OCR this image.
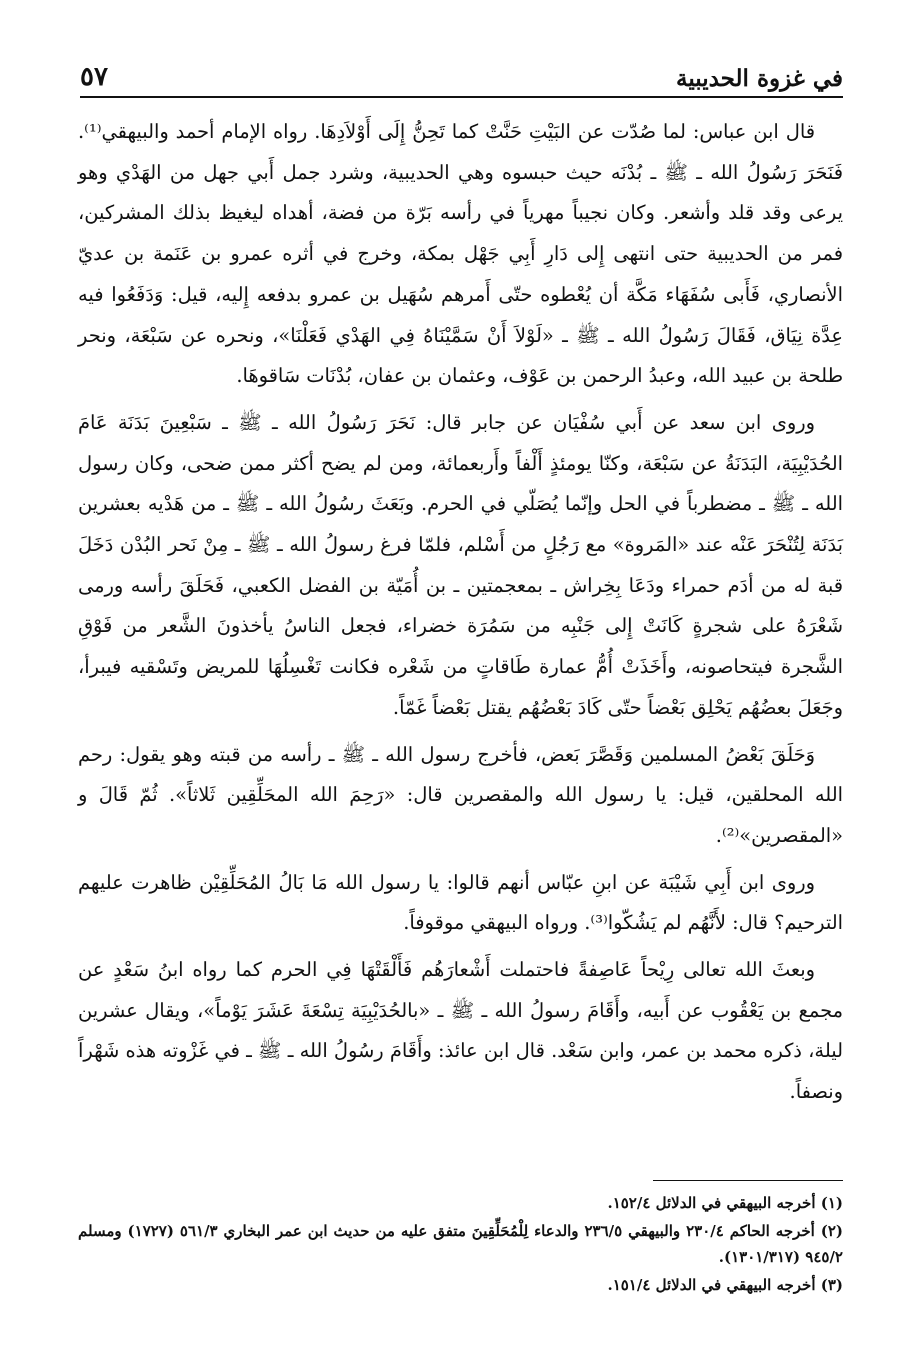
في غزوة الحديبية
٥٧

قال ابن عباس: لما صُدّت عن البَيْتِ حَنَّتْ كما تَحِنُّ إِلَى أَوْلاَدِهَا. رواه الإمام أحمد والبيهقي⁽¹⁾. فَنَحَرَ رَسُولُ الله ـ ﷺ ـ بُدْنَه حيث حبسوه وهي الحديبية، وشرد جمل أَبي جهل من الهَدْي وهو يرعى وقد قلد وأشعر. وكان نجيباً مهرياً في رأسه بَرّة من فضة، أهداه ليغيظ بذلك المشركين، فمر من الحديبية حتى انتهى إِلى دَارِ أَبِي جَهْل بمكة، وخرج في أثره عمرو بن عَنَمة بن عديّ الأنصاري، فَأَبى سُفَهَاء مَكَّة أن يُعْطوه حتّى أَمرهم سُهَيل بن عمرو بدفعه إِليه، قيل: وَدَفَعُوا فيه عِدَّة نِيَاق، فَقَالَ رَسُولُ الله ـ ﷺ ـ «لَوْلاَ أَنْ سَمَّيْنَاهُ فِي الهَدْي فَعَلْنَا»، ونحره عن سَبْعَة، ونحر طلحة بن عبيد الله، وعبدُ الرحمن بن عَوْف، وعثمان بن عفان، بُدْنَات سَاقوهَا.

وروى ابن سعد عن أَبي سُفْيَان عن جابر قال: نَحَرَ رَسُولُ الله ـ ﷺ ـ سَبْعِينَ بَدَنَة عَامَ الحُدَيْبِيَة، البَدَنَةُ عن سَبْعَة، وكنّا يومئذٍ أَلْفاً وأَربعمائة، ومن لم يضح أكثر ممن ضحى، وكان رسول الله ـ ﷺ ـ مضطرباً في الحل وإنّما يُصَلّي في الحرم. وبَعَثَ رسُولُ الله ـ ﷺ ـ من هَدْيه بعشرين بَدَنَة لِتُنْحَرَ عَنْه عند «المَروة» مع رَجُلٍ من أَسْلم، فلمّا فرغ رسولُ الله ـ ﷺ ـ مِنْ نَحر البُدْن دَخَلَ قبة له من أدَم حمراء ودَعَا بِخِراش ـ بمعجمتين ـ بن أُمَيّة بن الفضل الكعبي، فَحَلَقَ رأسه ورمى شَعْرَهُ على شجرةٍ كَانَتْ إِلى جَنْبِه من سَمُرَة خضراء، فجعل الناسُ يأخذونَ الشَّعر من فَوْقِ الشَّجرة فيتحاصونه، وأَخَذَتْ أُمُّ عمارة طَاقاتٍ من شَعْره فكانت تَغْسِلُهَا للمريض وتَسْقيه فيبرأ، وجَعَلَ بعضُهُم يَحْلِق بَعْضاً حتّى كَادَ بَعْضُهُم يقتل بَعْضاً غَمّاً.

وَحَلَقَ بَعْضُ المسلمين وَقَصَّرَ بَعض، فأخرج رسول الله ـ ﷺ ـ رأسه من قبته وهو يقول: رحم الله المحلقين، قيل: يا رسول الله والمقصرين قال: «رَحِمَ الله المحَلِّقِين ثَلاثاً». ثُمّ قَالَ و «المقصرين»⁽²⁾.

وروى ابن أَبِي شَيْبَة عن ابنِ عبّاس أنهم قالوا: يا رسول الله مَا بَالُ المُحَلِّقِيْن ظاهرت عليهم الترحيم؟ قال: لأَنَّهُم لم يَشُكّوا⁽³⁾. ورواه البيهقي موقوفاً.

وبعثَ الله تعالى رِيْحاً عَاصِفةً فاحتملت أَشْعارَهُم فَأَلْقَتْهَا فِي الحرم كما رواه ابنُ سَعْدٍ عن مجمع بن يَعْقُوب عن أَبيه، وأَقَامَ رسولُ الله ـ ﷺ ـ «بالحُدَيْبِيَة تِسْعَةَ عَشَرَ يَوْماً»، ويقال عشرين ليلة، ذكره محمد بن عمر، وابن سَعْد. قال ابن عائذ: وأَقَامَ رسُولُ الله ـ ﷺ ـ في غَزْوته هذه شَهْراً ونصفاً.

(١) أخرجه البيهقي في الدلائل ١٥٢/٤.

(٢) أخرجه الحاكم ٢٣٠/٤ والبيهقي ٢٣٦/٥ والدعاء لِلْمُحَلِّقِينَ متفق عليه من حديث ابن عمر البخاري ٥٦١/٣ (١٧٢٧) ومسلم ٩٤٥/٢ (١٣٠١/٣١٧).

(٣) أخرجه البيهقي في الدلائل ١٥١/٤.
